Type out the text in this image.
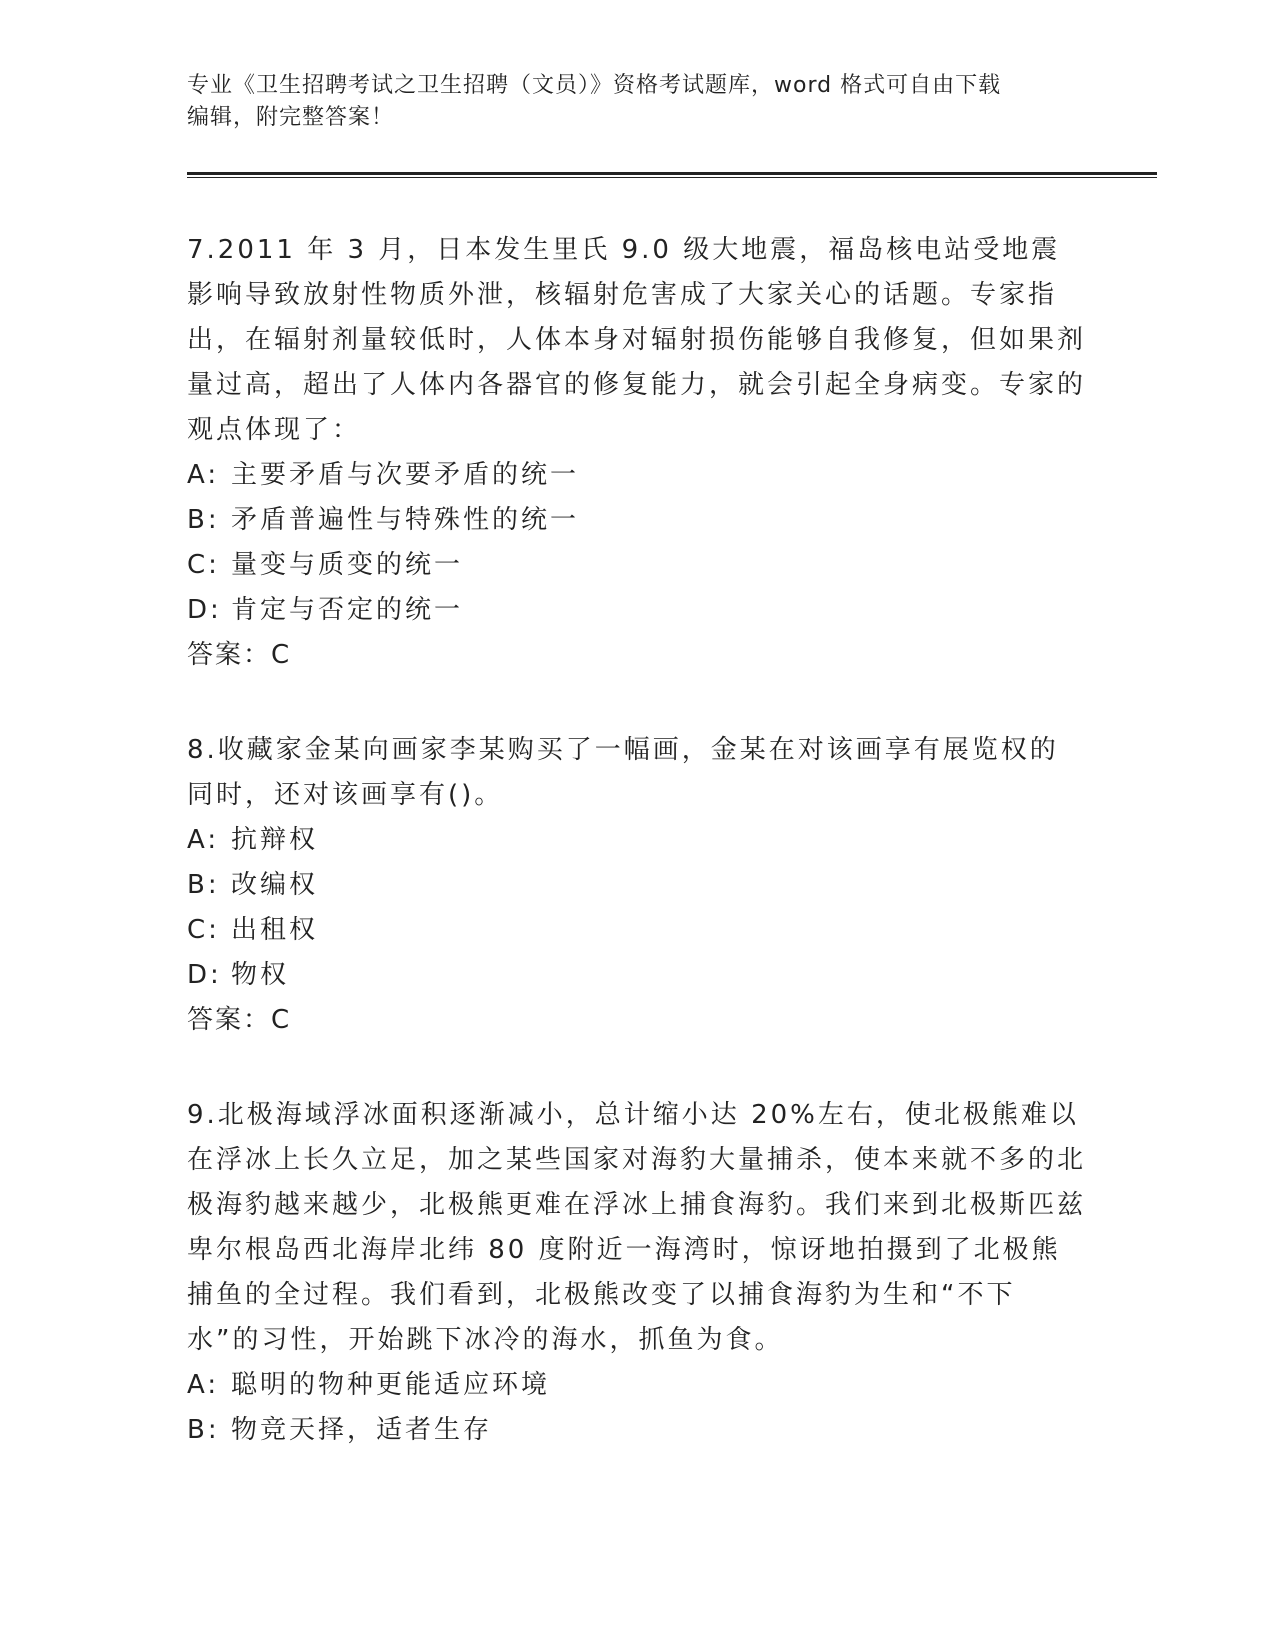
专业《卫生招聘考试之卫生招聘（文员）》资格考试题库，word 格式可自由下载
编辑，附完整答案！
7.2011 年 3 月，日本发生里氏 9.0 级大地震，福岛核电站受地震影响导致放射性物质外泄，核辐射危害成了大家关心的话题。专家指出，在辐射剂量较低时，人体本身对辐射损伤能够自我修复，但如果剂量过高，超出了人体内各器官的修复能力，就会引起全身病变。专家的观点体现了：
A: 主要矛盾与次要矛盾的统一
B: 矛盾普遍性与特殊性的统一
C: 量变与质变的统一
D: 肯定与否定的统一
答案：C
8.收藏家金某向画家李某购买了一幅画，金某在对该画享有展览权的同时，还对该画享有()。
A: 抗辩权
B: 改编权
C: 出租权
D: 物权
答案：C
9.北极海域浮冰面积逐渐减小，总计缩小达 20%左右，使北极熊难以在浮冰上长久立足，加之某些国家对海豹大量捕杀，使本来就不多的北极海豹越来越少，北极熊更难在浮冰上捕食海豹。我们来到北极斯匹兹卑尔根岛西北海岸北纬 80 度附近一海湾时，惊讶地拍摄到了北极熊捕鱼的全过程。我们看到，北极熊改变了以捕食海豹为生和“不下水”的习性，开始跳下冰冷的海水，抓鱼为食。
A: 聪明的物种更能适应环境
B: 物竞天择，适者生存
